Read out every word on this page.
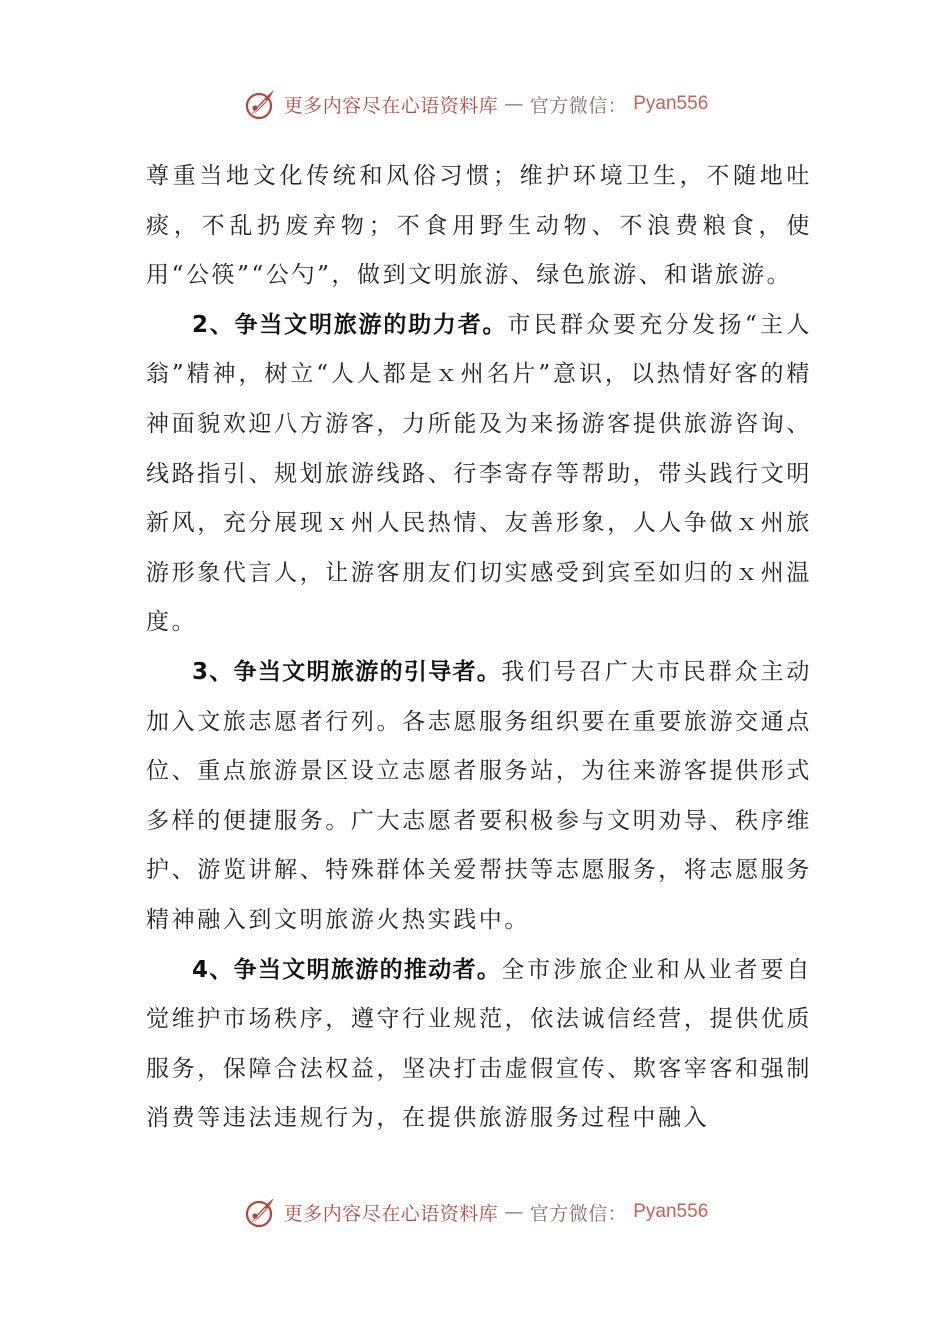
更多内容尽在心语资料库 — 官方微信： Pyan556

尊重当地文化传统和风俗习惯；维护环境卫生，不随地吐痰，不乱扔废弃物；不食用野生动物、不浪费粮食，使用“公筷”“公勺”，做到文明旅游、绿色旅游、和谐旅游。

2、争当文明旅游的助力者。市民群众要充分发扬“主人翁”精神，树立“人人都是ｘ州名片”意识，以热情好客的精神面貌欢迎八方游客，力所能及为来扬游客提供旅游咨询、线路指引、规划旅游线路、行李寄存等帮助，带头践行文明新风，充分展现ｘ州人民热情、友善形象，人人争做ｘ州旅游形象代言人，让游客朋友们切实感受到宾至如归的ｘ州温度。

3、争当文明旅游的引导者。我们号召广大市民群众主动加入文旅志愿者行列。各志愿服务组织要在重要旅游交通点位、重点旅游景区设立志愿者服务站，为往来游客提供形式多样的便捷服务。广大志愿者要积极参与文明劝导、秩序维护、游览讲解、特殊群体关爱帮扶等志愿服务，将志愿服务精神融入到文明旅游火热实践中。

4、争当文明旅游的推动者。全市涉旅企业和从业者要自觉维护市场秩序，遵守行业规范，依法诚信经营，提供优质服务，保障合法权益，坚决打击虚假宣传、欺客宰客和强制消费等违法违规行为，在提供旅游服务过程中融入

更多内容尽在心语资料库 — 官方微信： Pyan556
